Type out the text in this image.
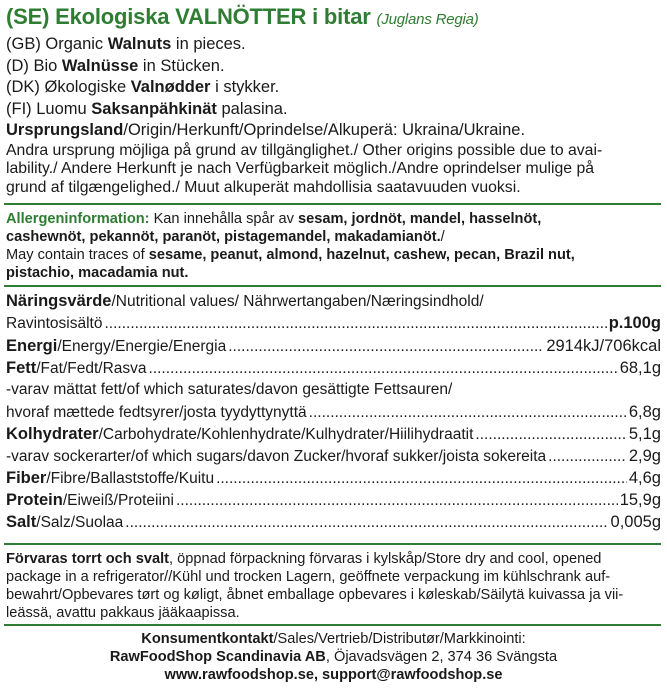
(SE) Ekologiska VALNÖTTER i bitar (Juglans Regia)
(GB) Organic Walnuts in pieces.
(D) Bio Walnüsse in Stücken.
(DK) Økologiske Valnødder i stykker.
(FI) Luomu Saksanpähkinät palasina.
Ursprungsland/Origin/Herkunft/Oprindelse/Alkuperä: Ukraina/Ukraine.
Andra ursprung möjliga på grund av tillgänglighet./ Other origins possible due to avai-
lability./ Andere Herkunft je nach Verfügbarkeit möglich./Andre oprindelser mulige på
grund af tilgængelighed./ Muut alkuperät mahdollisia saatavuuden vuoksi.
Allergeninformation: Kan innehålla spår av sesam, jordnöt, mandel, hasselnöt,
cashewnöt, pekannöt, paranöt, pistagemandel, makadamianöt./
May contain traces of sesame, peanut, almond, hazelnut, cashew, pecan, Brazil nut,
pistachio, macadamia nut.
Näringsvärde/Nutritional values/ Nährwertangaben/Næringsindhold/
Ravintosisältö .....	p.100g
Energi/Energy/Energie/Energia .....	2914kJ/706kcal
Fett/Fat/Fedt/Rasva .....	68,1g
-varav mättat fett/of which saturates/davon gesättigte Fettsauren/
hvoraf mættede fedtsyrer/josta tyydyttynyttä .....	6,8g
Kolhydrater/Carbohydrate/Kohlenhydrate/Kulhydrater/Hiilihydraatit .....	5,1g
-varav sockerarter/of which sugars/davon Zucker/hvoraf sukker/joista sokereita .....	2,9g
Fiber/Fibre/Ballaststoffe/Kuitu .....	4,6g
Protein/Eiweiß/Proteiini .....	15,9g
Salt/Salz/Suolaa .....	0,005g
Förvaras torrt och svalt, öppnad förpackning förvaras i kylskåp/Store dry and cool, opened
package in a refrigerator//Kühl und trocken Lagern, geöffnete verpackung im kühlschrank auf-
bewahrt/Opbevares tørt og køligt, åbnet emballage opbevares i køleskab/Säilytä kuivassa ja vii-
leässä, avattu pakkaus jääkaapissa.
Konsumentkontakt/Sales/Vertrieb/Distributør/Markkinointi:
RawFoodShop Scandinavia AB, Öjavadsvägen 2, 374 36 Svängsta
www.rawfoodshop.se, support@rawfoodshop.se
